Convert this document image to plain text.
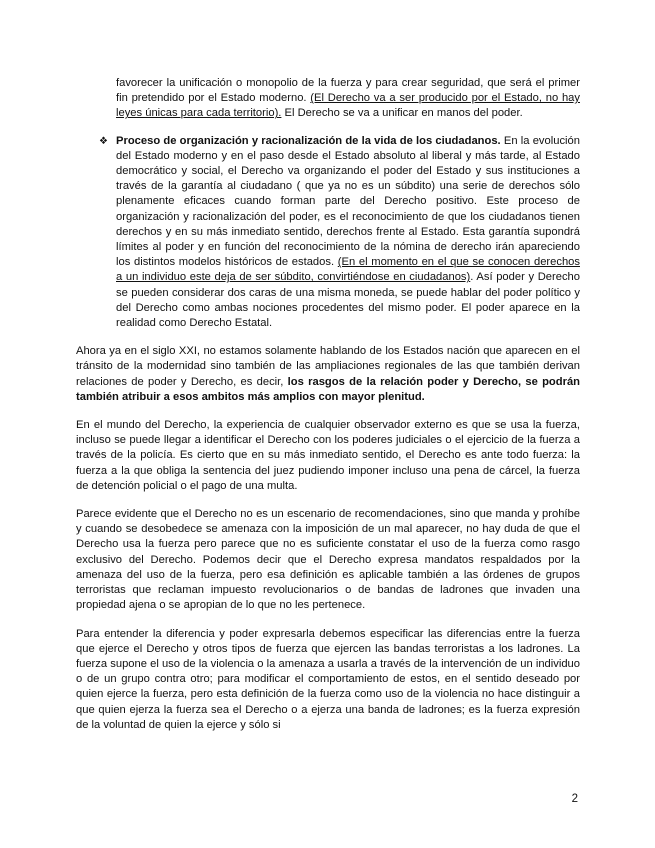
favorecer la unificación o monopolio de la fuerza y para crear seguridad, que será el primer fin pretendido por el Estado moderno. (El Derecho va a ser producido por el Estado, no hay leyes únicas para cada territorio). El Derecho se va a unificar en manos del poder.

❖ Proceso de organización y racionalización de la vida de los ciudadanos. En la evolución del Estado moderno y en el paso desde el Estado absoluto al liberal y más tarde, al Estado democrático y social, el Derecho va organizando el poder del Estado y sus instituciones a través de la garantía al ciudadano ( que ya no es un súbdito) una serie de derechos sólo plenamente eficaces cuando forman parte del Derecho positivo. Este proceso de organización y racionalización del poder, es el reconocimiento de que los ciudadanos tienen derechos y en su más inmediato sentido, derechos frente al Estado. Esta garantía supondrá límites al poder y en función del reconocimiento de la nómina de derecho irán apareciendo los distintos modelos históricos de estados. (En el momento en el que se conocen derechos a un individuo este deja de ser súbdito, convirtiéndose en ciudadanos). Así poder y Derecho se pueden considerar dos caras de una misma moneda, se puede hablar del poder político y del Derecho como ambas nociones procedentes del mismo poder. El poder aparece en la realidad como Derecho Estatal.

Ahora ya en el siglo XXI, no estamos solamente hablando de los Estados nación que aparecen en el tránsito de la modernidad sino también de las ampliaciones regionales de las que también derivan relaciones de poder y Derecho, es decir, los rasgos de la relación poder y Derecho, se podrán también atribuir a esos ambitos más amplios con mayor plenitud.

En el mundo del Derecho, la experiencia de cualquier observador externo es que se usa la fuerza, incluso se puede llegar a identificar el Derecho con los poderes judiciales o el ejercicio de la fuerza a través de la policía. Es cierto que en su más inmediato sentido, el Derecho es ante todo fuerza: la fuerza a la que obliga la sentencia del juez pudiendo imponer incluso una pena de cárcel, la fuerza de detención policial o el pago de una multa.

Parece evidente que el Derecho no es un escenario de recomendaciones, sino que manda y prohíbe y cuando se desobedece se amenaza con la imposición de un mal aparecer, no hay duda de que el Derecho usa la fuerza pero parece que no es suficiente constatar el uso de la fuerza como rasgo exclusivo del Derecho. Podemos decir que el Derecho expresa mandatos respaldados por la amenaza del uso de la fuerza, pero esa definición es aplicable también a las órdenes de grupos terroristas que reclaman impuesto revolucionarios o de bandas de ladrones que invaden una propiedad ajena o se apropian de lo que no les pertenece.

Para entender la diferencia y poder expresarla debemos especificar las diferencias entre la fuerza que ejerce el Derecho y otros tipos de fuerza que ejercen las bandas terroristas a los ladrones. La fuerza supone el uso de la violencia o la amenaza a usarla a través de la intervención de un individuo o de un grupo contra otro; para modificar el comportamiento de estos, en el sentido deseado por quien ejerce la fuerza, pero esta definición de la fuerza como uso de la violencia no hace distinguir a que quien ejerza la fuerza sea el Derecho o a ejerza una banda de ladrones; es la fuerza expresión de la voluntad de quien la ejerce y sólo si

2
